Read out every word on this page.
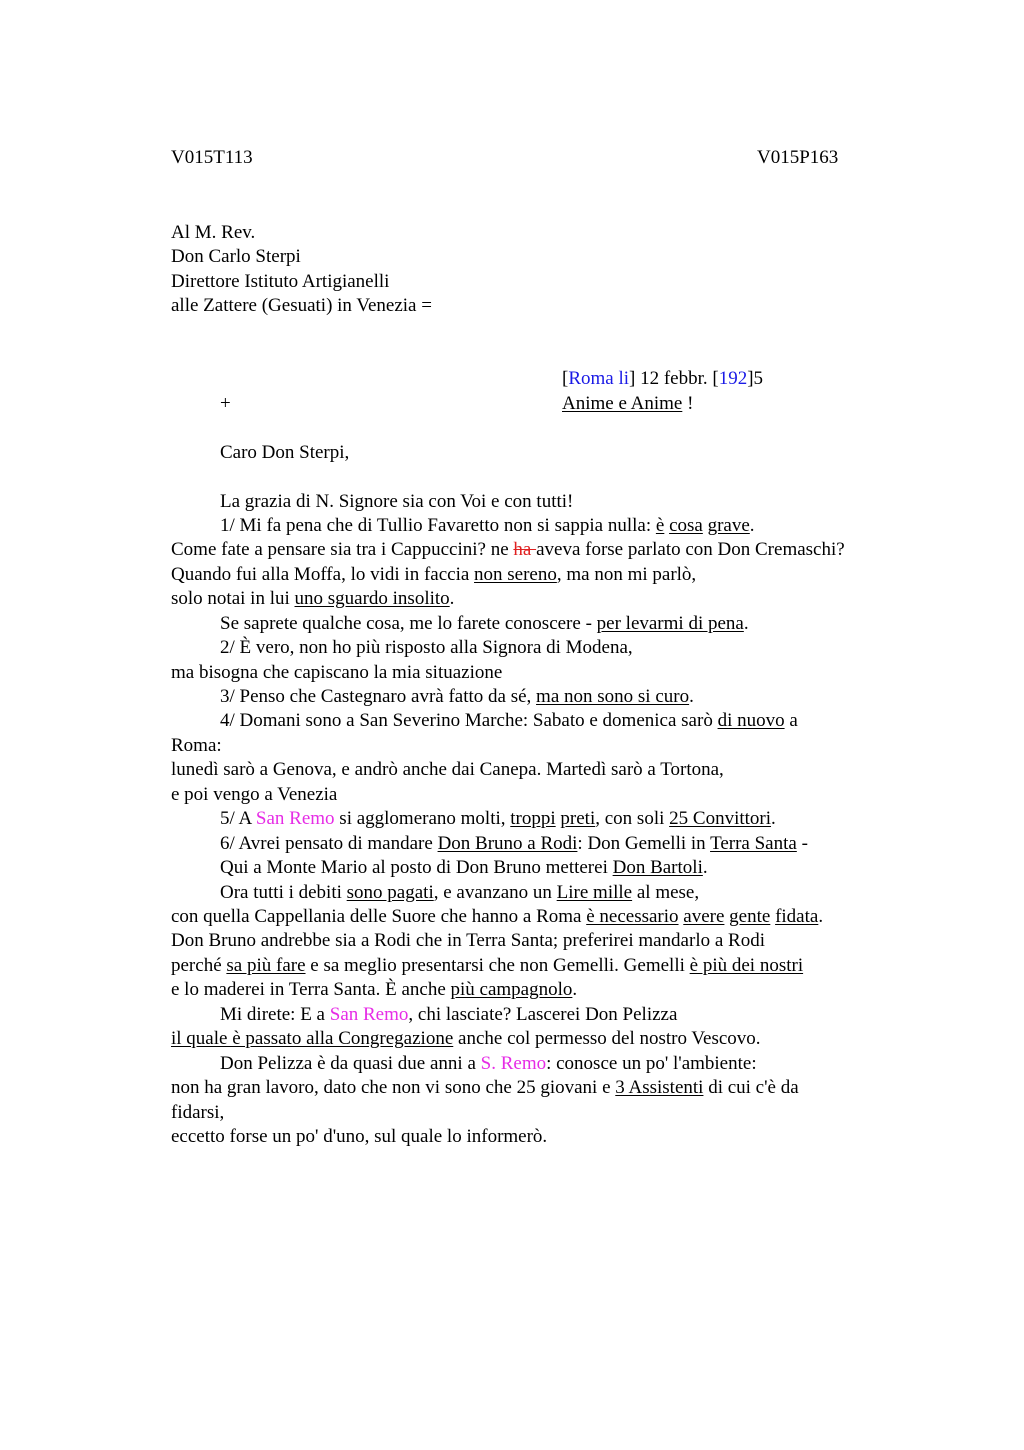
V015T113	V015P163
Al M. Rev.
Don Carlo Sterpi
Direttore Istituto Artigianelli
alle Zattere (Gesuati) in Venezia =
[Roma li] 12 febbr. [192]5
+	Anime e Anime !
Caro Don Sterpi,
La grazia di N. Signore sia con Voi e con tutti!
1/ Mi fa pena che di Tullio Favaretto non si sappia nulla: è cosa grave.
Come fate a pensare sia tra i Cappuccini? ne ha aveva forse parlato con Don Cremaschi?
Quando fui alla Moffa, lo vidi in faccia non sereno, ma non mi parlò,
solo notai in lui uno sguardo insolito.
Se saprete qualche cosa, me lo farete conoscere - per levarmi di pena.
2/ È vero, non ho più risposto alla Signora di Modena,
ma bisogna che capiscano la mia situazione
3/ Penso che Castegnaro avrà fatto da sé, ma non sono si curo.
4/ Domani sono a San Severino Marche: Sabato e domenica sarò di nuovo a
Roma:
lunedì sarò a Genova, e andrò anche dai Canepa. Martedì sarò a Tortona,
e poi vengo a Venezia
5/ A San Remo si agglomerano molti, troppi preti, con soli 25 Convittori.
6/ Avrei pensato di mandare Don Bruno a Rodi: Don Gemelli in Terra Santa -
Qui a Monte Mario al posto di Don Bruno metterei Don Bartoli.
Ora tutti i debiti sono pagati, e avanzano un Lire mille al mese,
con quella Cappellania delle Suore che hanno a Roma è necessario avere gente fidata.
Don Bruno andrebbe sia a Rodi che in Terra Santa; preferirei mandarlo a Rodi
perché sa più fare e sa meglio presentarsi che non Gemelli. Gemelli è più dei nostri
e lo maderei in Terra Santa. È anche più campagnolo.
Mi direte: E a San Remo, chi lasciate? Lascerei Don Pelizza
il quale è passato alla Congregazione anche col permesso del nostro Vescovo.
Don Pelizza è da quasi due anni a S. Remo: conosce un po' l'ambiente:
non ha gran lavoro, dato che non vi sono che 25 giovani e 3 Assistenti di cui c'è da
fidarsi,
eccetto forse un po' d'uno, sul quale lo informerò.
